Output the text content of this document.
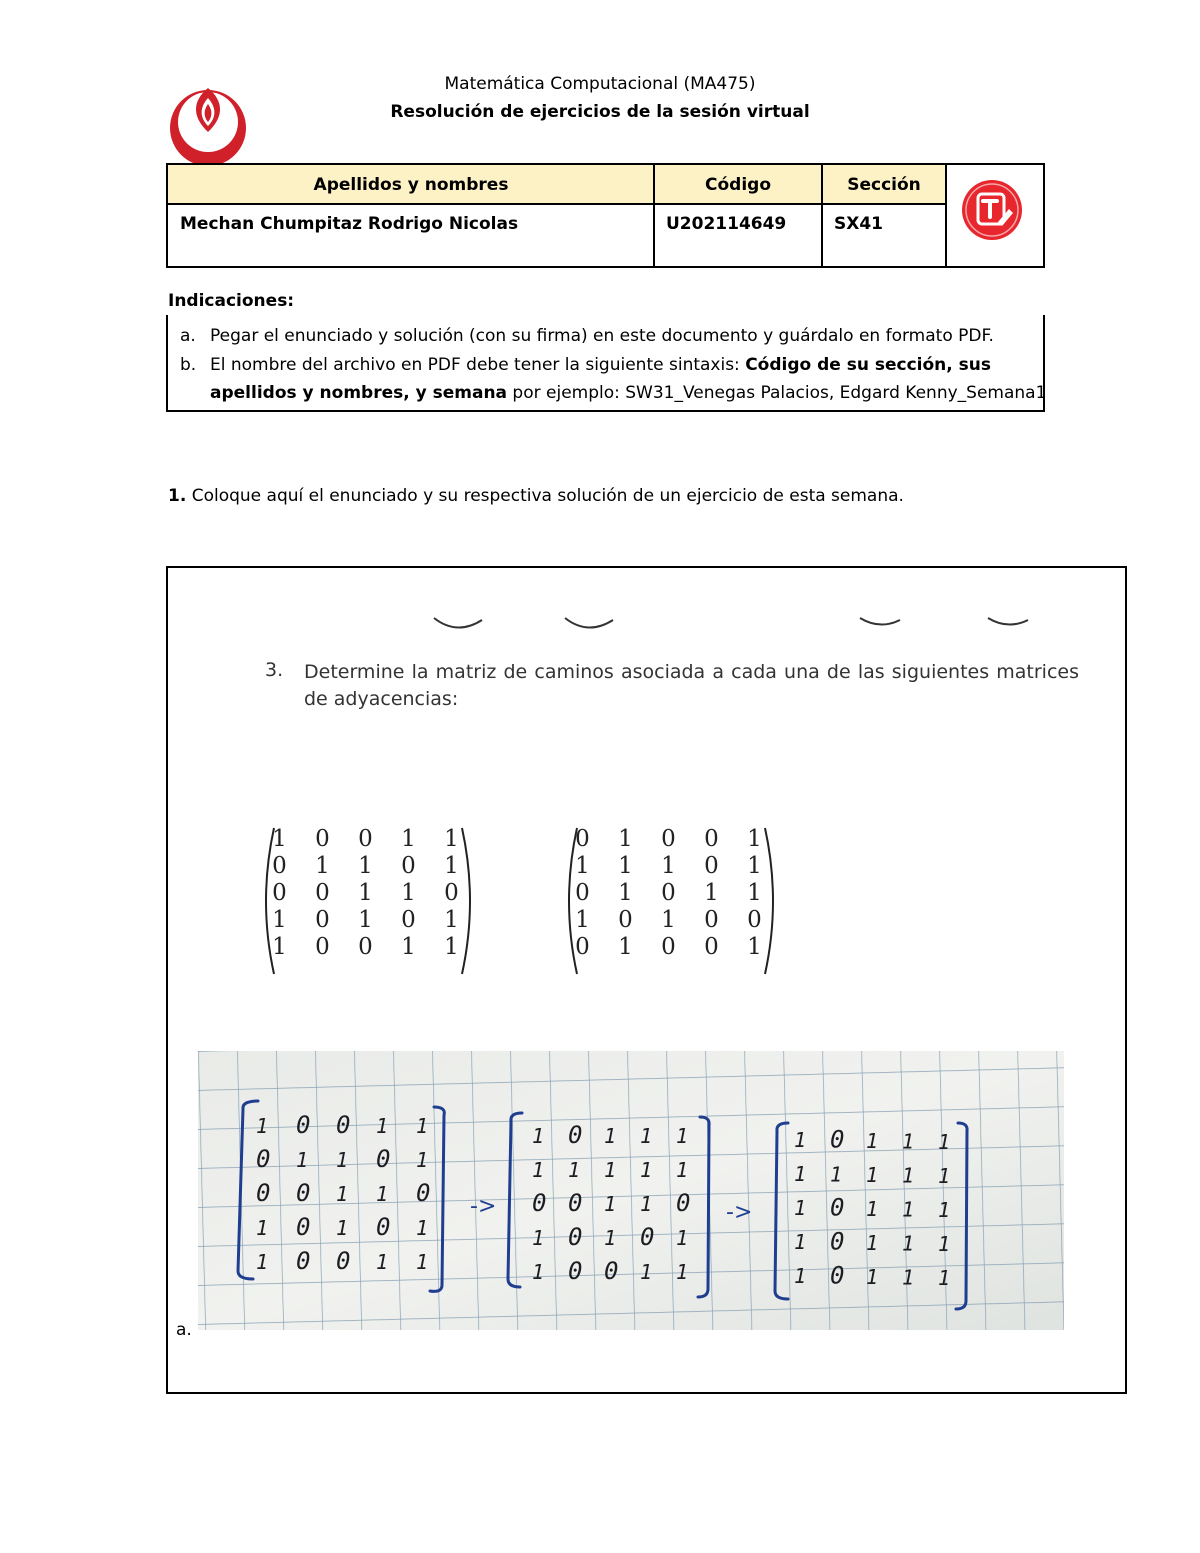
Matemática Computacional (MA475)
Resolución de ejercicios de la sesión virtual
Apellidos y nombres	Código	Sección
Mechan Chumpitaz Rodrigo Nicolas	U202114649	SX41
Indicaciones:
a. Pegar el enunciado y solución (con su firma) en este documento y guárdalo en formato PDF.
b. El nombre del archivo en PDF debe tener la siguiente sintaxis: Código de su sección, sus
apellidos y nombres, y semana por ejemplo: SW31_Venegas Palacios, Edgard Kenny_Semana1
1. Coloque aquí el enunciado y su respectiva solución de un ejercicio de esta semana.
3. Determine la matriz de caminos asociada a cada una de las siguientes matrices de adyacencias:
1	0	0	1	1
0	1	1	0	1
0	0	1	1	0
1	0	1	0	1
1	0	0	1	1
0	1	0	0	1
1	1	1	0	1
0	1	0	1	1
1	0	1	0	0
0	1	0	0	1
1 0 0 1 1
0 1 1 0 1
0 0 1 1 0
1 0 1 0 1
1 0 0 1 1
1 0 1 1 1
1 1 1 1 1
0 0 1 1 0
1 0 1 0 1
1 0 0 1 1
1 0 1 1 1
1 1 1 1 1
1 0 1 1 1
1 0 1 1 1
1 0 1 1 1
->	->
a.
